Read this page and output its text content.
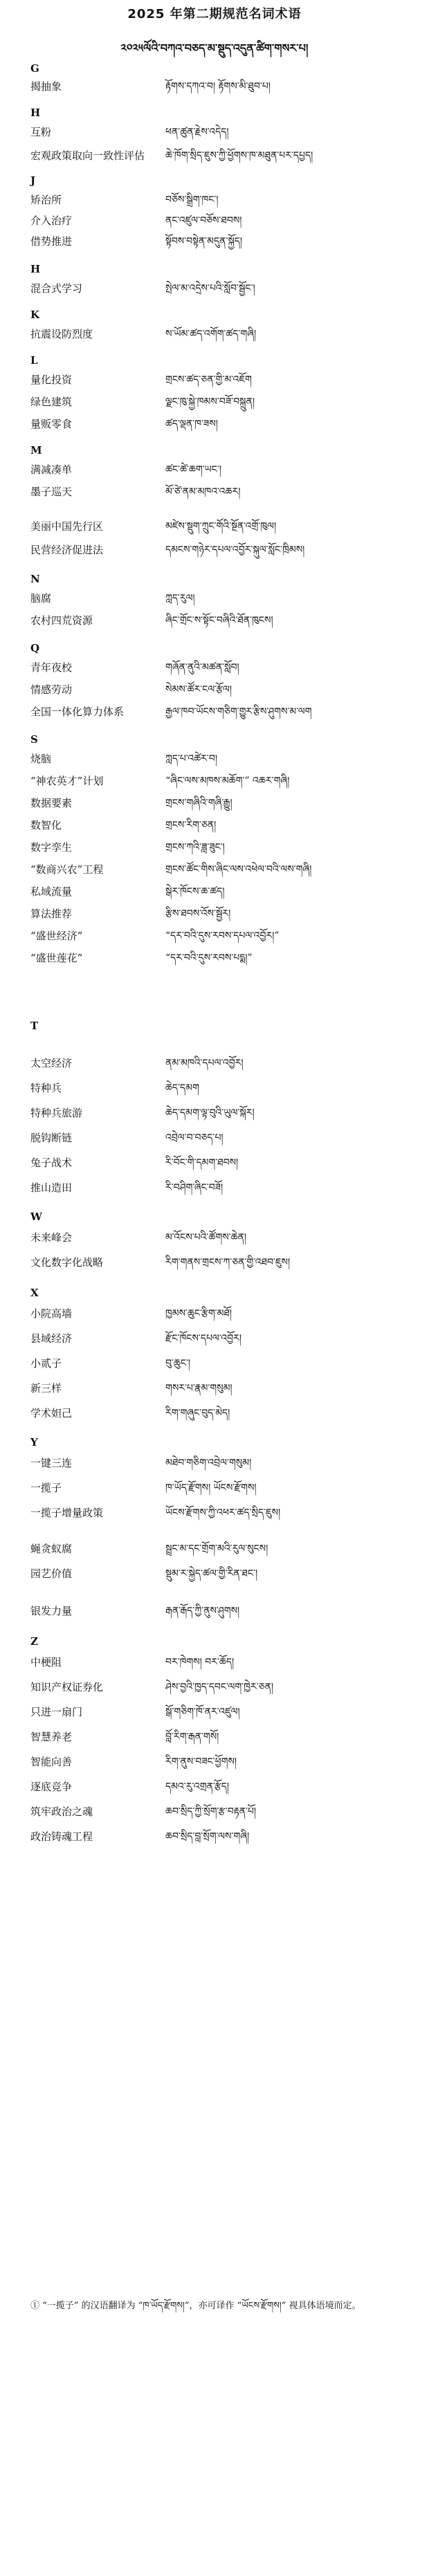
2025 年第二期规范名词术语
༢༠༢༥ལོའི་བཀའ་བཅད་མ་སྡུད་འདུན་ཚིག་གསར་པ།
G
揭抽象	རྟོགས་དཀའ་བ། རྟོགས་མི་ཐུབ་པ།
H
互粉	ཕན་ཚུན་རྗེས་འདེད།
宏观政策取向一致性评估	ཆེ་ཁོག་སྲིད་ཇུས་ཀྱི་ཕྱོགས་ཁ་མཐུན་པར་དཔྱད།
J
矫治所	བཅོས་སྒྲིག་ཁང་།
介入治疗	ནང་འཛུལ་བཅོས་ཐབས།
借势推进	སྟོབས་བསྟེན་མདུན་སྐྱོད།
H
混合式学习	སྤེལ་མ་འདྲེས་པའི་སློབ་སྦྱོང་།
K
抗震设防烈度	ས་ཡོམ་ཚད་འགོག་ཚད་གཞི།
L
量化投资	གྲངས་ཚད་ཅན་གྱི་མ་འཇོག
绿色建筑	ལྗང་ཁུ་སྐྱེ་ཁམས་བཟོ་བསྐྲུན།
量贩零食	ཚད་ལྡན་ཁ་ཟས།
M
满减凑单	ཚང་ཚེ་ཆག་ཡང་།
墨子巡天	མོ་ཙེ་ནམ་མཁའ་འཆར།
美丽中国先行区	མཛེས་སྡུག་ཀྲུང་གོའི་སྔོན་འགྲོ་ཁུལ།
民营经济促进法	དམངས་གཉེར་དཔལ་འབྱོར་སྐུལ་སློང་ཁྲིམས།
N
脑腐	ཀླད་རུལ།
农村四荒资源	ཞིང་གྲོང་ས་སྟོང་བཞིའི་ཐོན་ཁུངས།
Q
青年夜校	གཞོན་ནུའི་མཚན་སློབ།
情感劳动	སེམས་ཚོར་ངལ་རྩོལ།
全国一体化算力体系	རྒྱལ་ཁབ་ཡོངས་གཅིག་གྱུར་རྩིས་ཤུགས་མ་ལག
S
烧脑	ཀླད་པ་འཚེར་བ།
“神农英才”计划	“ཞིང་ལས་མཁས་མཆོག་” འཆར་གཞི།
数据要素	གྲངས་གཞིའི་གཞི་རྒྱུ།
数智化	གྲངས་རིག་ཅན།
数字孪生	གྲངས་ཀའི་ཟླ་ཟུང་།
“数商兴农”工程	གྲངས་ཚོང་གིས་ཞིང་ལས་འཕེལ་བའི་ལས་གཞི།
私域流量	སྒེར་ཁོངས་ཆ་ཚད།
算法推荐	རྩིས་ཐབས་འོས་སྦྱོར།
“盛世经济”	“དར་བའི་དུས་རབས་དཔལ་འབྱོར།”
“盛世莲花”	“དར་བའི་དུས་རབས་པདྨ།”
T
太空经济	ནམ་མཁའི་དཔལ་འབྱོར།
特种兵	ཆེད་དམག
特种兵旅游	ཆེད་དམག་ལྟ་བུའི་ཡུལ་སྐོར།
脱钩断链	འབྲེལ་བ་བཅད་པ།
兔子战术	རི་བོང་གི་དམག་ཐབས།
推山造田	རི་བཤིག་ཞིང་བཟོ།
W
未来峰会	མ་འོངས་པའི་ཚོགས་ཆེན།
文化数字化战略	རིག་གནས་གྲངས་ཀ་ཅན་གྱི་འཐབ་ཇུས།
X
小院高墙	ཁྱམས་ཆུང་རྩིག་མཐོ།
县域经济	རྫོང་ཁོངས་དཔལ་འབྱོར།
小贰子	བུ་ཆུང་།
新三样	གསར་པ་རྣམ་གསུམ།
学术妲己	རིག་གཞུང་བུད་མེད།
Y
一键三连	མཐེབ་གཅིག་འབྲེལ་གསུམ།
一揽子	ཁ་ཡོད་རྫོགས། ཡོངས་རྫོགས།
一揽子增量政策	ཡོངས་རྫོགས་ཀྱི་འཕར་ཚད་སྲིད་ཇུས།
蝇贪蚁腐	སྦྲང་མ་དང་གྲོག་མའི་རུལ་སུངས།
园艺价值	སྡུམ་ར་སྐྱེད་ཚལ་གྱི་རིན་ཐང་།
银发力量	རྒན་རྒོད་ཀྱི་ནུས་ཤུགས།
Z
中梗阻	བར་ཁེགས། བར་ཆོད།
知识产权证券化	ཤེས་བྱའི་ཁྱད་དབང་ལག་ཁྱེར་ཅན།
只进一扇门	སྒོ་གཅིག་ཁོ་ནར་འཛུལ།
智慧养老	བློ་རིག་རྒན་གསོ།
智能向善	རིག་ནུས་བཟང་ཕྱོགས།
逐底竞争	དམའ་རུ་འགྲན་རྩོད།
筑牢政治之魂	ཆབ་སྲིད་ཀྱི་སྲོག་རྩ་བརྟན་པོ།
政治铸魂工程	ཆབ་སྲིད་བླ་སྲོག་ལས་གཞི།
① “一揽子” 的汉语翻译为 “ཁ་ཡོད་རྫོགས།”，亦可译作 “ཡོངས་རྫོགས།” 视具体语境而定。
